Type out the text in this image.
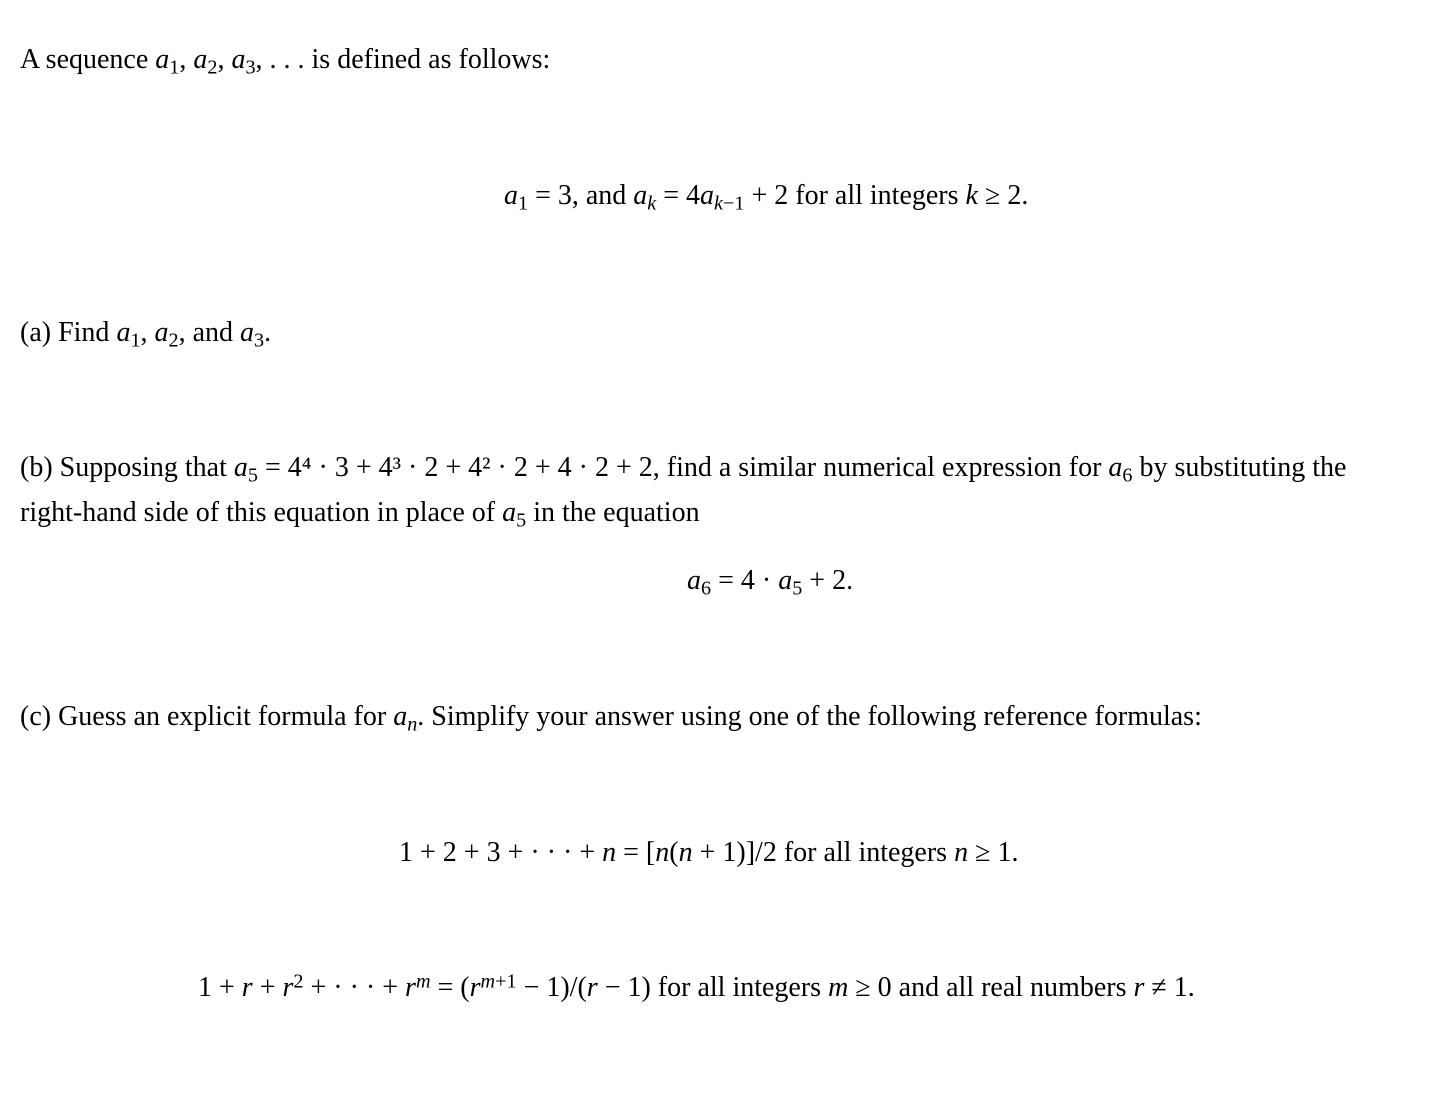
A sequence $a_1$, $a_2$, $a_3$, . . . is defined as follows:
$a_1 = 3$, and $a_k = 4a_{k-1} + 2$ for all integers k ≥ 2.
(a) Find $a_1$, $a_2$, and $a_3$.
(b) Supposing that $a_5 = 4^4 \cdot 3 + 4^3 \cdot 2 + 4^2 \cdot 2 + 4 \cdot 2 + 2$, find a similar numerical expression for $a_6$ by substituting the
right-hand side of this equation in place of $a_5$ in the equation
$a_6 = 4 \cdot a_5 + 2$.
(c) Guess an explicit formula for $a_n$. Simplify your answer using one of the following reference formulas:
1 + 2 + 3 + · · · + n = [n(n + 1)]/2 for all integers n ≥ 1.
$1 + r + r^2$ + · · · + $r^m = (r^{m+1} - 1)/(r - 1)$ for all integers m ≥ 0 and all real numbers r ≠ 1.
